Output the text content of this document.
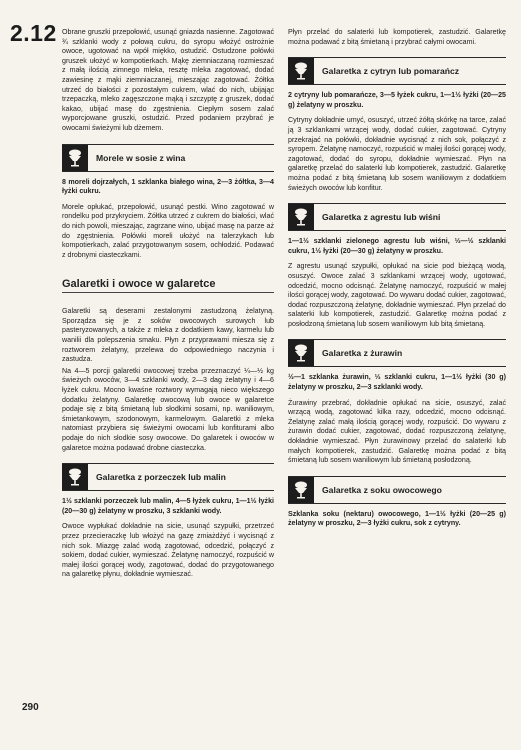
2.12
290

Obrane gruszki przepołowić, usunąć gniazda nasienne. Zagotować ¾ szklanki wody z połową cukru, do syropu włożyć ostrożnie owoce, ugotować na wpół miękko, ostudzić. Ostudzone połówki gruszek ułożyć w kompotierkach. Mąkę ziemniaczaną rozmieszać z małą ilością zimnego mleka, resztę mleka zagotować, dodać zawiesinę z mąki ziemniaczanej, mieszając zagotować. Żółtka utrzeć do białości z pozostałym cukrem, wlać do nich, ubijając trzepaczką, mleko zagęszczone mąką i szczyptę z gruszek, dodać kakao, ubijać masę do zgęstnienia. Ciepłym sosem zalać wyporcjowane gruszki, ostudzić. Przed podaniem przybrać je owocami świeżymi lub dżemem.

Morele w sosie z wina

8 moreli dojrzałych, 1 szklanka białego wina, 2—3 żółtka, 3—4 łyżki cukru.

Morele opłukać, przepołowić, usunąć pestki. Wino zagotować w rondelku pod przykryciem. Żółtka utrzeć z cukrem do białości, wlać do nich powoli, mieszając, zagrzane wino, ubijać masę na parze aż do zgęstnienia. Połówki moreli ułożyć na talerzykach lub kompotierkach, zalać przygotowanym sosem, ochłodzić. Podawać z drobnymi ciasteczkami.

Galaretki i owoce w galaretce

Galaretki są deserami zestalonymi zastudzoną żelatyną. Sporządza się je z soków owocowych surowych lub pasteryzowanych, a także z mleka z dodatkiem kawy, karmelu lub wanilii dla polepszenia smaku. Płyn z przyprawami miesza się z roztworem żelatyny, przelewa do odpowiedniego naczynia i zastudza.

Na 4—5 porcji galaretki owocowej trzeba przeznaczyć ¼—½ kg świeżych owoców, 3—4 szklanki wody, 2—3 dag żelatyny i 4—6 łyżek cukru. Mocno kwaśne roztwory wymagają nieco większego dodatku żelatyny. Galaretkę owocową lub owoce w galaretce podaje się z bitą śmietaną lub słodkimi sosami, np. waniliowym, śmietankowym, szodonowym, karmelowym. Galaretki z mleka natomiast przybiera się świeżymi owocami lub konfiturami albo podaje do nich słodkie sosy owocowe. Do galaretek i owoców w galaretce można podawać drobne ciasteczka.

Galaretka z porzeczek lub malin

1½ szklanki porzeczek lub malin, 4—5 łyżek cukru, 1—1½ łyżki (20—30 g) żelatyny w proszku, 3 szklanki wody.

Owoce wypłukać dokładnie na sicie, usunąć szypułki, przetrzeć przez przecieraczkę lub włożyć na gazę zmiażdżyć i wycisnąć z nich sok. Miazgę zalać wodą zagotować, odcedzić, połączyć z sokiem, dodać cukier, wymieszać. Żelatynę namoczyć, rozpuścić w małej ilości gorącej wody, zagotować, dodać do przygotowanego na galaretkę płynu, dokładnie wymieszać.

Płyn przelać do salaterki lub kompotierek, zastudzić. Galaretkę można podawać z bitą śmietaną i przybrać całymi owocami.

Galaretka z cytryn lub pomarańcz

2 cytryny lub pomarańcze, 3—5 łyżek cukru, 1—1½ łyżki (20—25 g) żelatyny w proszku.

Cytryny dokładnie umyć, osuszyć, utrzeć żółtą skórkę na tarce, zalać ją 3 szklankami wrzącej wody, dodać cukier, zagotować. Cytryny przekrajać na połówki, dokładnie wycisnąć z nich sok, połączyć z syropem. Żelatynę namoczyć, rozpuścić w małej ilości gorącej wody, zagotować, dodać do syropu, dokładnie wymieszać. Płyn na galaretkę przelać do salaterki lub kompotierek, zastudzić. Galaretkę można podać z bitą śmietaną lub sosem waniliowym z dodatkiem świeżych owoców lub konfitur.

Galaretka z agrestu lub wiśni

1—1½ szklanki zielonego agrestu lub wiśni, ⅓—½ szklanki cukru, 1½ łyżki (20—30 g) żelatyny w proszku.

Z agrestu usunąć szypułki, opłukać na sicie pod bieżącą wodą, osuszyć. Owoce zalać 3 szklankami wrzącej wody, ugotować, odcedzić, mocno odcisnąć. Żelatynę namoczyć, rozpuścić w małej ilości gorącej wody, zagotować. Do wywaru dodać cukier, zagotować, dodać rozpuszczoną żelatynę, dokładnie wymieszać. Płyn przelać do salaterki lub kompotierek, zastudzić. Galaretkę można podać z posłodzoną śmietaną lub sosem waniliowym lub bitą śmietaną.

Galaretka z żurawin

½—1 szklanka żurawin, ⅓ szklanki cukru, 1—1½ łyżki (30 g) żelatyny w proszku, 2—3 szklanki wody.

Żurawiny przebrać, dokładnie opłukać na sicie, osuszyć, zalać wrzącą wodą, zagotować kilka razy, odcedzić, mocno odcisnąć. Żelatynę zalać małą ilością gorącej wody, rozpuścić. Do wywaru z żurawin dodać cukier, zagotować, dodać rozpuszczoną żelatynę, dokładnie wymieszać. Płyn żurawinowy przelać do salaterki lub małych kompotierek, zastudzić. Galaretkę można podać z bitą śmietaną lub sosem waniliowym lub śmietaną posłodzoną.

Galaretka z soku owocowego

Szklanka soku (nektaru) owocowego, 1—1½ łyżki (20—25 g) żelatyny w proszku, 2—3 łyżki cukru, sok z cytryny.
